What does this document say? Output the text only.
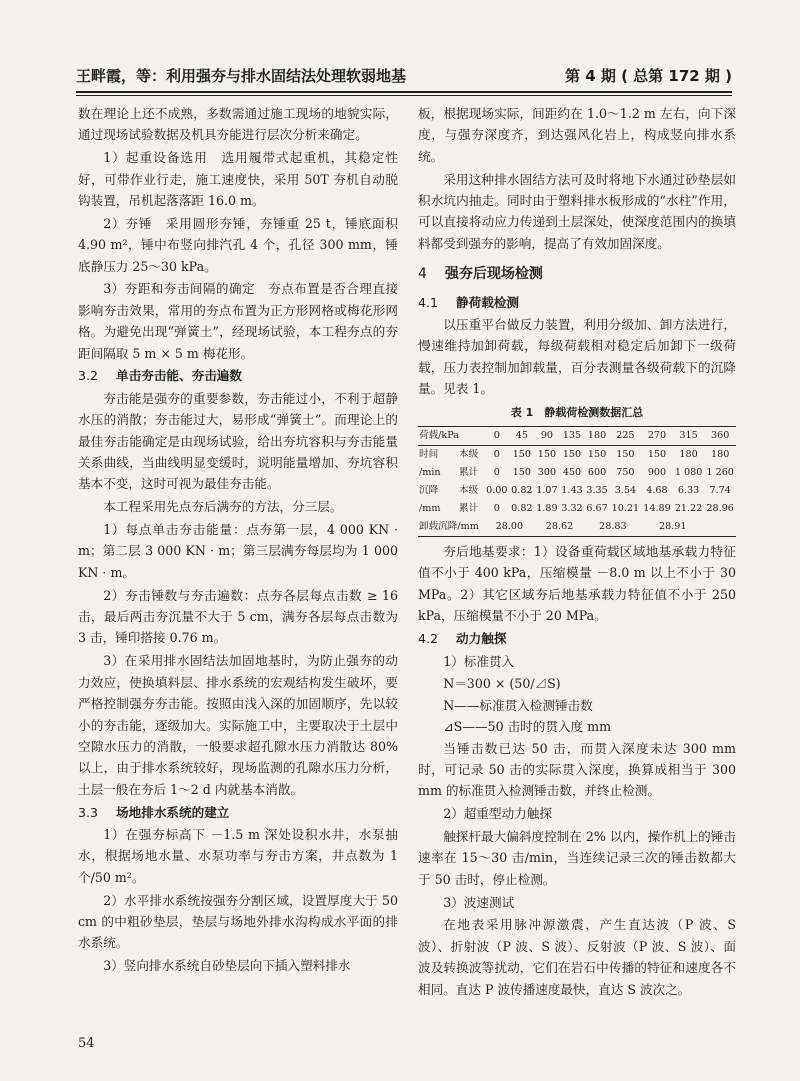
王畔霞，等：利用强夯与排水固结法处理软弱地基	第 4 期 ( 总第 172 期 )

数在理论上还不成熟，多数需通过施工现场的地貌实际，通过现场试验数据及机具夯能进行层次分析来确定。

1）起重设备选用　选用履带式起重机，其稳定性好，可带作业行走，施工速度快，采用 50T 夯机自动脱钩装置，吊机起落落距 16.0 m。

2）夯锤　采用圆形夯锤，夯锤重 25 t，锤底面积 4.90 m²，锤中布竖向排汽孔 4 个，孔径 300 mm，锤底静压力 25～30 kPa。

3）夯距和夯击间隔的确定　夯点布置是否合理直接影响夯击效果，常用的夯点布置为正方形网格或梅花形网格。为避免出现“弹簧土”，经现场试验，本工程夯点的夯距间隔取 5 m × 5 m 梅花形。

3.2 单击夯击能、夯击遍数

夯击能是强夯的重要参数，夯击能过小，不利于超静水压的消散；夯击能过大，易形成“弹簧土”。而理论上的最佳夯击能确定是由现场试验，给出夯坑容积与夯击能量关系曲线，当曲线明显变缓时，说明能量增加、夯坑容积基本不变，这时可视为最佳夯击能。

本工程采用先点夯后满夯的方法，分三层。

1）每点单击夯击能量：点夯第一层，4 000 KN · m；第二层 3 000 KN · m；第三层满夯每层均为 1 000 KN · m。

2）夯击锤数与夯击遍数：点夯各层每点击数 ≥ 16 击，最后两击夯沉量不大于 5 cm，满夯各层每点击数为 3 击，锤印搭接 0.76 m。

3）在采用排水固结法加固地基时，为防止强夯的动力效应，使换填料层、排水系统的宏观结构发生破坏，要严格控制强夯夯击能。按照由浅入深的加固顺序，先以较小的夯击能，逐级加大。实际施工中，主要取决于土层中空隙水压力的消散，一般要求超孔隙水压力消散达 80% 以上，由于排水系统较好，现场监测的孔隙水压力分析，土层一般在夯后 1～2 d 内就基本消散。

3.3 场地排水系统的建立

1）在强夯标高下 －1.5 m 深处设积水井，水泵抽水，根据场地水量、水泵功率与夯击方案，井点数为 1 个/50 m²。

2）水平排水系统按强夯分割区域，设置厚度大于 50 cm 的中粗砂垫层，垫层与场地外排水沟构成水平面的排水系统。

3）竖向排水系统自砂垫层向下插入塑料排水

板，根据现场实际，间距约在 1.0～1.2 m 左右，向下深度，与强夯深度齐，到达强风化岩上，构成竖向排水系统。

采用这种排水固结方法可及时将地下水通过砂垫层如积水坑内抽走。同时由于塑料排水板形成的“水柱”作用，可以直接将动应力传递到土层深处，使深度范围内的换填料都受到强夯的影响，提高了有效加固深度。

4 强夯后现场检测
4.1 静荷载检测

以压重平台做反力装置，利用分级加、卸方法进行，慢速维持加卸荷载，每级荷载相对稳定后加卸下一级荷载，压力表控制加卸载量，百分表测量各级荷载下的沉降量。见表 1。

表 1　静载荷检测数据汇总
荷载/kPa		0	45	90	135	180	225	270	315	360
时间	本级	0	150	150	150	150	150	150	180	180
/min	累计	0	150	300	450	600	750	900	1 080	1 260
沉降	本级	0.00	0.82	1.07	1.43	3.35	3.54	4.68	6.33	7.74
/mm	累计	0	0.82	1.89	3.32	6.67	10.21	14.89	21.22	28.96
卸载沉降/mm		28.00		28.62		28.83		28.91		

夯后地基要求：1）设备重荷载区域地基承载力特征值不小于 400 kPa，压缩模量 －8.0 m 以上不小于 30 MPa。2）其它区域夯后地基承载力特征值不小于 250 kPa，压缩模量不小于 20 MPa。

4.2 动力触探

1）标准贯入

N＝300 × (50/⊿S)

N——标准贯入检测锤击数

⊿S——50 击时的贯入度 mm

当锤击数已达 50 击，而贯入深度未达 300 mm 时，可记录 50 击的实际贯入深度，换算成相当于 300 mm 的标准贯入检测锤击数，并终止检测。

2）超重型动力触探

触探杆最大偏斜度控制在 2% 以内，操作机上的锤击速率在 15～30 击/min，当连续记录三次的锤击数都大于 50 击时，停止检测。

3）波速测试

在地表采用脉冲源激震，产生直达波（P 波、S 波）、折射波（P 波、S 波）、反射波（P 波、S 波）、面波及转换波等扰动，它们在岩石中传播的特征和速度各不相同。直达 P 波传播速度最快，直达 S 波次之。

54
